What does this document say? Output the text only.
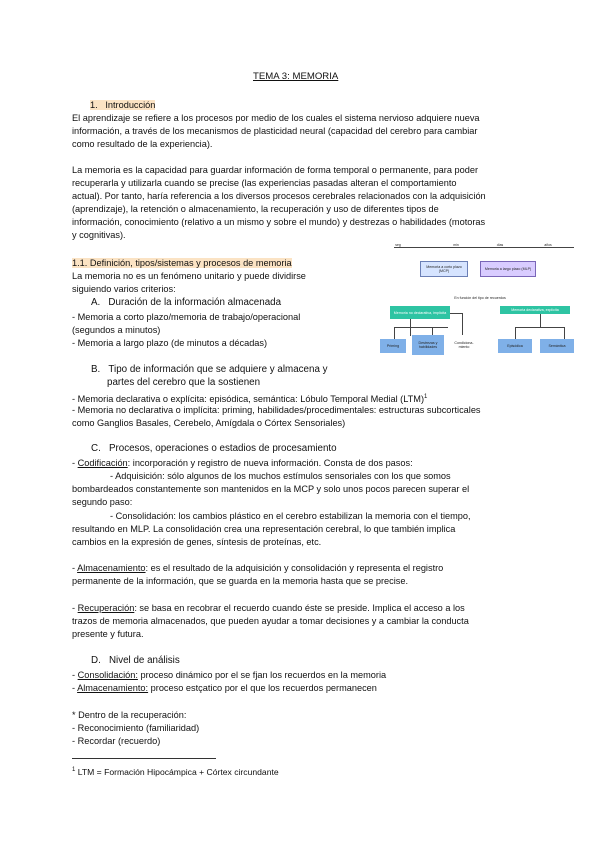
TEMA 3: MEMORIA
1.   Introducción
El aprendizaje se refiere a los procesos por medio de los cuales el sistema nervioso adquiere nueva
información, a través de los mecanismos de plasticidad neural (capacidad del cerebro para cambiar
como resultado de la experiencia).
La memoria es la capacidad para guardar información de forma temporal o permanente, para poder
recuperarla y utilizarla cuando se precise (las experiencias pasadas alteran el comportamiento
actual). Por tanto, haría referencia a los diversos procesos cerebrales relacionados con la adquisición
(aprendizaje), la retención o almacenamiento, la recuperación y uso de diferentes tipos de
información, conocimiento (relativo a un mismo y sobre el mundo) y destrezas o habilidades (motoras
y cognitivas).
1.1. Definición, tipos/sistemas y procesos de memoria
La memoria no es un fenómeno unitario y puede dividirse
siguiendo varios criterios:
A.   Duración de la información almacenada
- Memoria a corto plazo/memoria de trabajo/operacional
(segundos a minutos)
- Memoria a largo plazo (de minutos a décadas)
B.   Tipo de información que se adquiere y almacena y
partes del cerebro que la sostienen
- Memoria declarativa o explícita: episódica, semántica: Lóbulo Temporal Medial (LTM)$^1$
- Memoria no declarativa o implícita: priming, habilidades/procedimentales: estructuras subcorticales
como Ganglios Basales, Cerebelo, Amígdala o Córtex Sensoriales)
C.   Procesos, operaciones o estadios de procesamiento
- Codificación: incorporación y registro de nueva información. Consta de dos pasos:
- Adquisición: sólo algunos de los muchos estímulos sensoriales con los que somos
bombardeados constantemente son mantenidos en la MCP y solo unos pocos parecen superar el
segundo paso:
- Consolidación: los cambios plástico en el cerebro estabilizan la memoria con el tiempo,
resultando en MLP. La consolidación crea una representación cerebral, lo que también implica
cambios en la expresión de genes, síntesis de proteínas, etc.
- Almacenamiento: es el resultado de la adquisición y consolidación y representa el registro
permanente de la información, que se guarda en la memoria hasta que se precise.
- Recuperación: se basa en recobrar el recuerdo cuando éste se preside. Implica el acceso a los
trazos de memoria almacenados, que pueden ayudar a tomar decisiones y a cambiar la conducta
presente y futura.
D.   Nivel de análisis
- Consolidación: proceso dinámico por el se fjan los recuerdos en la memoria
- Almacenamiento: proceso estçatico por el que los recuerdos permanecen
* Dentro de la recuperación:
- Reconocimiento (familiaridad)
- Recordar (recuerdo)
$^1$ LTM = Formación Hipocámpica + Córtex circundante
seg	min	días	años
Memoria a corto plazo (MCP)	Memoria a largo plazo (MLP)
En función del tipo de recuerdos
Memoria no declarativa, implícita
Memoria declarativa, explícita
Priming
Destrezas y habilidades
Condiciona-miento	Episódica	Semántica
